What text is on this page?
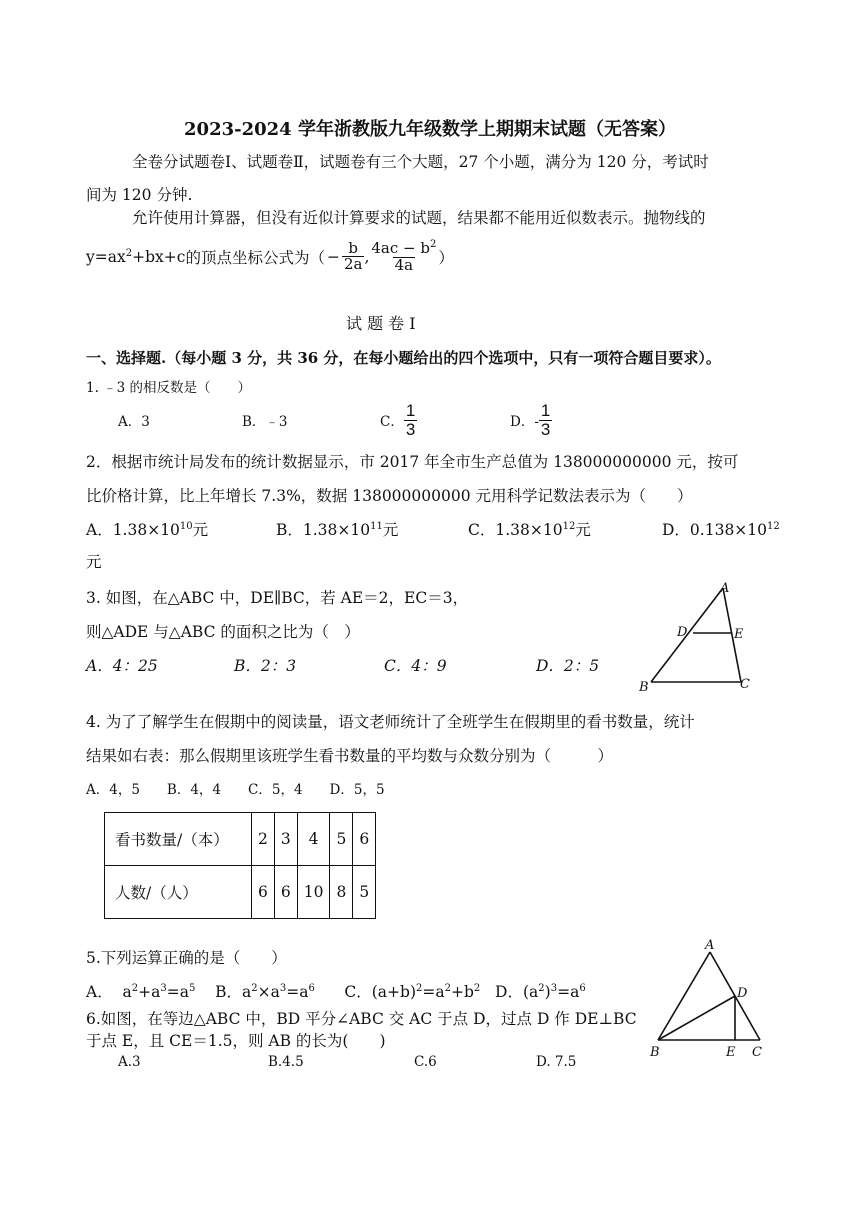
2023-2024 学年浙教版九年级数学上期期末试题（无答案）
全卷分试题卷Ⅰ、试题卷Ⅱ，试题卷有三个大题，27 个小题，满分为 120 分，考试时
间为 120 分钟.
允许使用计算器，但没有近似计算要求的试题，结果都不能用近似数表示。抛物线的
$y=ax^2+bx+c$ 的顶点坐标公式为（ − $\frac{b}{2a}$ , $\frac{4ac - b^2}{4a}$ ）
试 题 卷 Ⅰ
一、选择题.（每小题 3 分，共 36 分，在每小题给出的四个选项中，只有一项符合题目要求）。
1. ﹣3 的相反数是（　　）
A．3	B．﹣3	C． $\frac{1}{3}$	D．- $\frac{1}{3}$
2．根据市统计局发布的统计数据显示，市 2017 年全市生产总值为 138000000000 元，按可
比价格计算，比上年增长 7.3%，数据 138000000000 元用科学记数法表示为（　　）
A．$1.38\times 10^{10}$元	B．$1.38\times 10^{11}$元	C．$1.38\times 10^{12}$元	D．$0.138\times 10^{12}$
元
3. 如图，在△ABC 中，DE∥BC，若 AE＝2，EC＝3，
则△ADE 与△ABC 的面积之比为（　）
A．4：25	B．2：3	C．4：9	D．2：5
A
B	C
D	E
4. 为了了解学生在假期中的阅读量，语文老师统计了全班学生在假期里的看书数量，统计
结果如右表：那么假期里该班学生看书数量的平均数与众数分别为（　　　）
A．4，5　　B．4，4　　C．5，4　　D．5，5
看书数量/（本）	2	3	4	5	6
人数/（人）	6	6	10	8	5
5.下列运算正确的是（　　）
A．  $a^2+a^3=a^5$    B．$a^2\times a^3=a^6$      C．$(a+b)^2=a^2+b^2$   D．$(a^2)^3=a^6$
6.如图，在等边△ABC 中，BD 平分∠ABC 交 AC 于点 D，过点 D 作 DE⊥BC
于点 E，且 CE＝1.5，则 AB 的长为(　　)
A.3	B.4.5	C.6	D. 7.5
A
B	C
D
E
